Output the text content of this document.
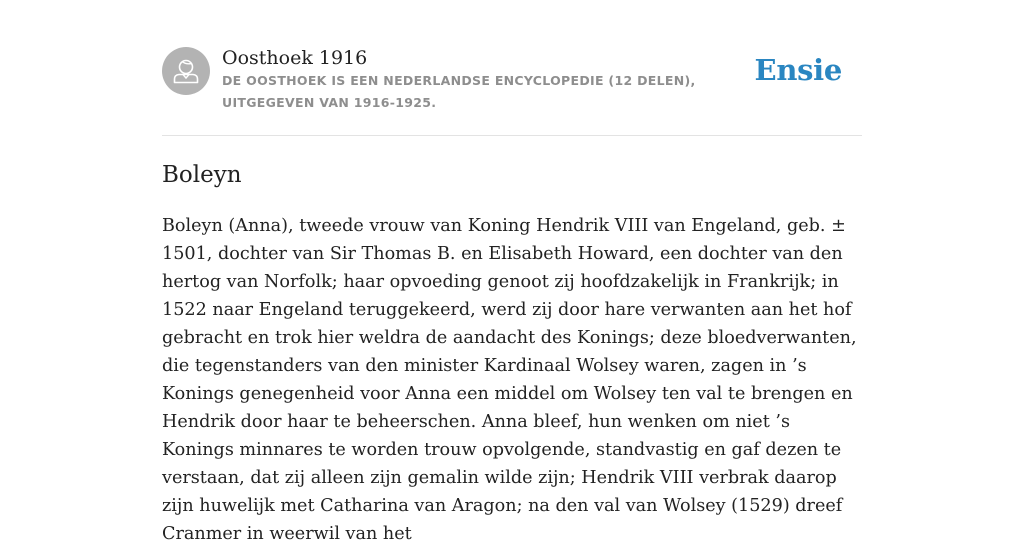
Oosthoek 1916
DE OOSTHOEK IS EEN NEDERLANDSE ENCYCLOPEDIE (12 DELEN), UITGEGEVEN VAN 1916-1925.
Ensie
Boleyn

Boleyn (Anna), tweede vrouw van Koning Hendrik VIII van Engeland, geb. ± 1501, dochter van Sir Thomas B. en Elisabeth Howard, een dochter van den hertog van Norfolk; haar opvoeding genoot zij hoofdzakelijk in Frankrijk; in 1522 naar Engeland teruggekeerd, werd zij door hare verwanten aan het hof gebracht en trok hier weldra de aandacht des Konings; deze bloedverwanten, die tegenstanders van den minister Kardinaal Wolsey waren, zagen in ’s Konings genegenheid voor Anna een middel om Wolsey ten val te brengen en Hendrik door haar te beheerschen. Anna bleef, hun wenken om niet ’s Konings minnares te worden trouw opvolgende, standvastig en gaf dezen te verstaan, dat zij alleen zijn gemalin wilde zijn; Hendrik VIII verbrak daarop zijn huwelijk met Catharina van Aragon; na den val van Wolsey (1529) dreef Cranmer in weerwil van het
